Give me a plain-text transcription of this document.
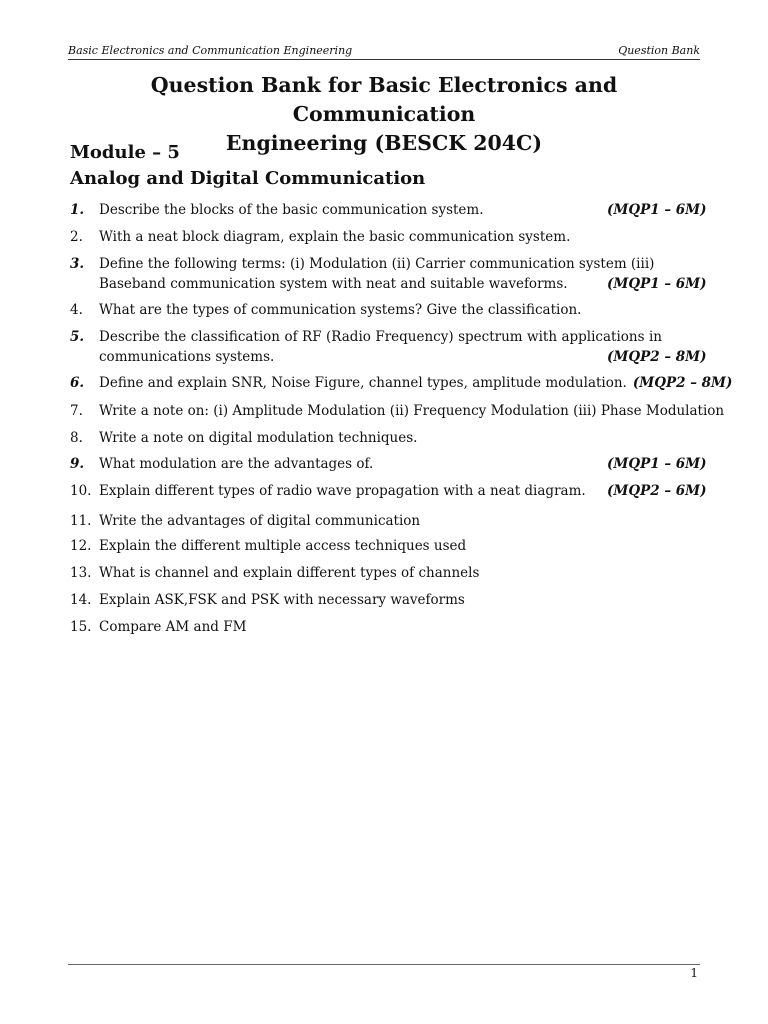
Basic Electronics and Communication Engineering	Question Bank
Question Bank for Basic Electronics and Communication
Engineering (BESCK 204C)
Module – 5
Analog and Digital Communication
1.	Describe the blocks of the basic communication system.	(MQP1 – 6M)
2.	With a neat block diagram, explain the basic communication system.
3.	Define the following terms: (i) Modulation (ii) Carrier communication system (iii)
Baseband communication system with neat and suitable waveforms.	(MQP1 – 6M)
4.	What are the types of communication systems? Give the classification.
5.	Describe the classification of RF (Radio Frequency) spectrum with applications in
communications systems.	(MQP2 – 8M)
6.	Define and explain SNR, Noise Figure, channel types, amplitude modulation. (MQP2 – 8M)
7.	Write a note on: (i) Amplitude Modulation (ii) Frequency Modulation (iii) Phase Modulation
8.	Write a note on digital modulation techniques.
9.	What modulation are the advantages of.	(MQP1 – 6M)
10. Explain different types of radio wave propagation with a neat diagram.	(MQP2 – 6M)
11. Write the advantages of digital communication
12. Explain the different multiple access techniques used
13. What is channel and explain different types of channels
14. Explain ASK,FSK and PSK with necessary waveforms
15. Compare AM and FM
1
